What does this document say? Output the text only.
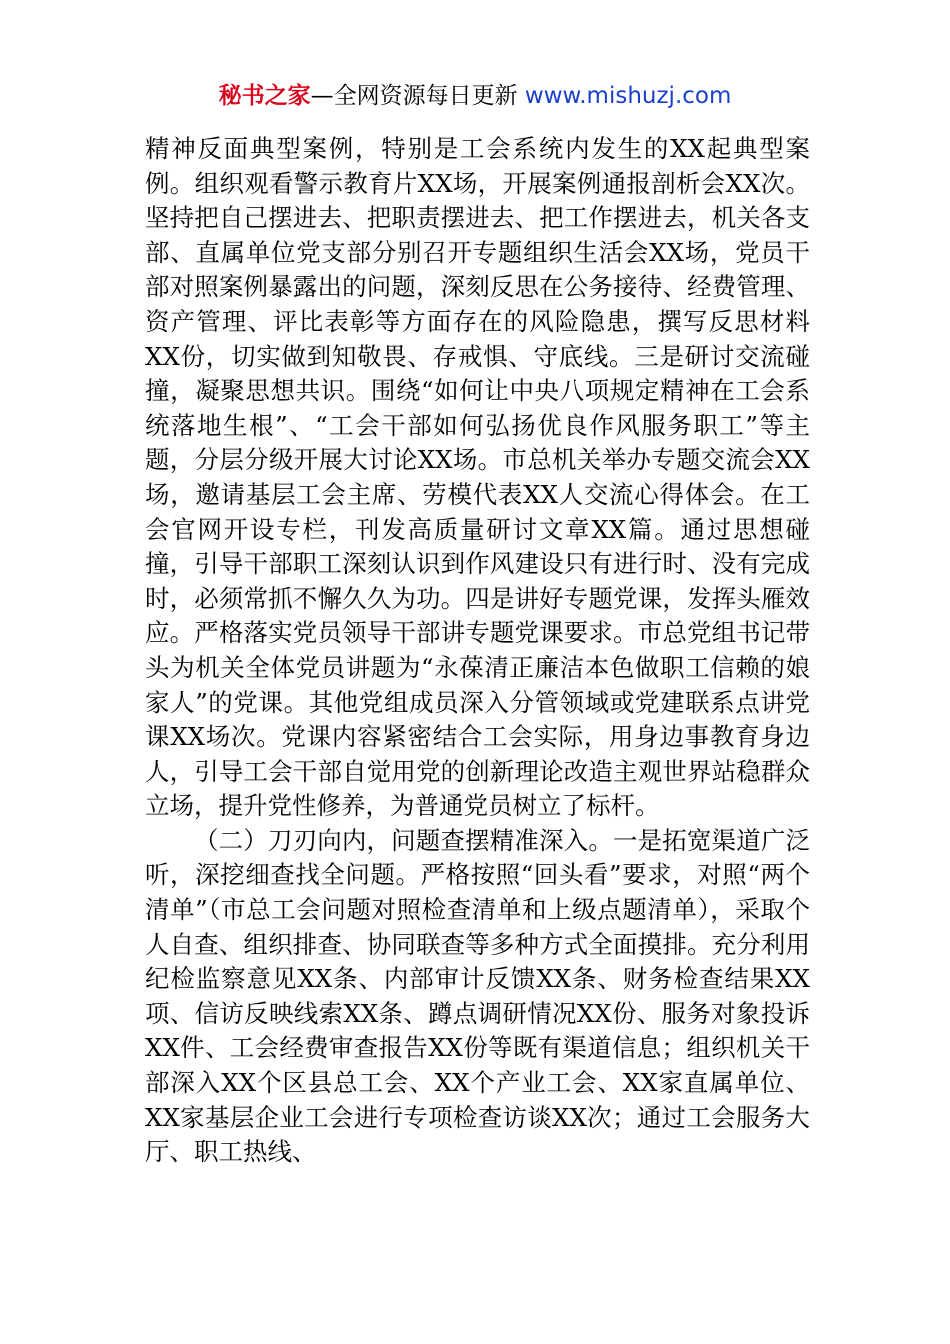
秘书之家—全网资源每日更新 www.mishuzj.com

精神反面典型案例，特别是工会系统内发生的XX起典型案例。组织观看警示教育片XX场，开展案例通报剖析会XX次。坚持把自己摆进去、把职责摆进去、把工作摆进去，机关各支部、直属单位党支部分别召开专题组织生活会XX场，党员干部对照案例暴露出的问题，深刻反思在公务接待、经费管理、资产管理、评比表彰等方面存在的风险隐患，撰写反思材料XX份，切实做到知敬畏、存戒惧、守底线。三是研讨交流碰撞，凝聚思想共识。围绕“如何让中央八项规定精神在工会系统落地生根”、“工会干部如何弘扬优良作风服务职工”等主题，分层分级开展大讨论XX场。市总机关举办专题交流会XX场，邀请基层工会主席、劳模代表XX人交流心得体会。在工会官网开设专栏，刊发高质量研讨文章XX篇。通过思想碰撞，引导干部职工深刻认识到作风建设只有进行时、没有完成时，必须常抓不懈久久为功。四是讲好专题党课，发挥头雁效应。严格落实党员领导干部讲专题党课要求。市总党组书记带头为机关全体党员讲题为“永葆清正廉洁本色做职工信赖的娘家人”的党课。其他党组成员深入分管领域或党建联系点讲党课XX场次。党课内容紧密结合工会实际，用身边事教育身边人，引导工会干部自觉用党的创新理论改造主观世界站稳群众立场，提升党性修养，为普通党员树立了标杆。

（二）刀刃向内，问题查摆精准深入。一是拓宽渠道广泛听，深挖细查找全问题。严格按照“回头看”要求，对照“两个清单”（市总工会问题对照检查清单和上级点题清单），采取个人自查、组织排查、协同联查等多种方式全面摸排。充分利用纪检监察意见XX条、内部审计反馈XX条、财务检查结果XX项、信访反映线索XX条、蹲点调研情况XX份、服务对象投诉XX件、工会经费审查报告XX份等既有渠道信息；组织机关干部深入XX个区县总工会、XX个产业工会、XX家直属单位、XX家基层企业工会进行专项检查访谈XX次；通过工会服务大厅、职工热线、
